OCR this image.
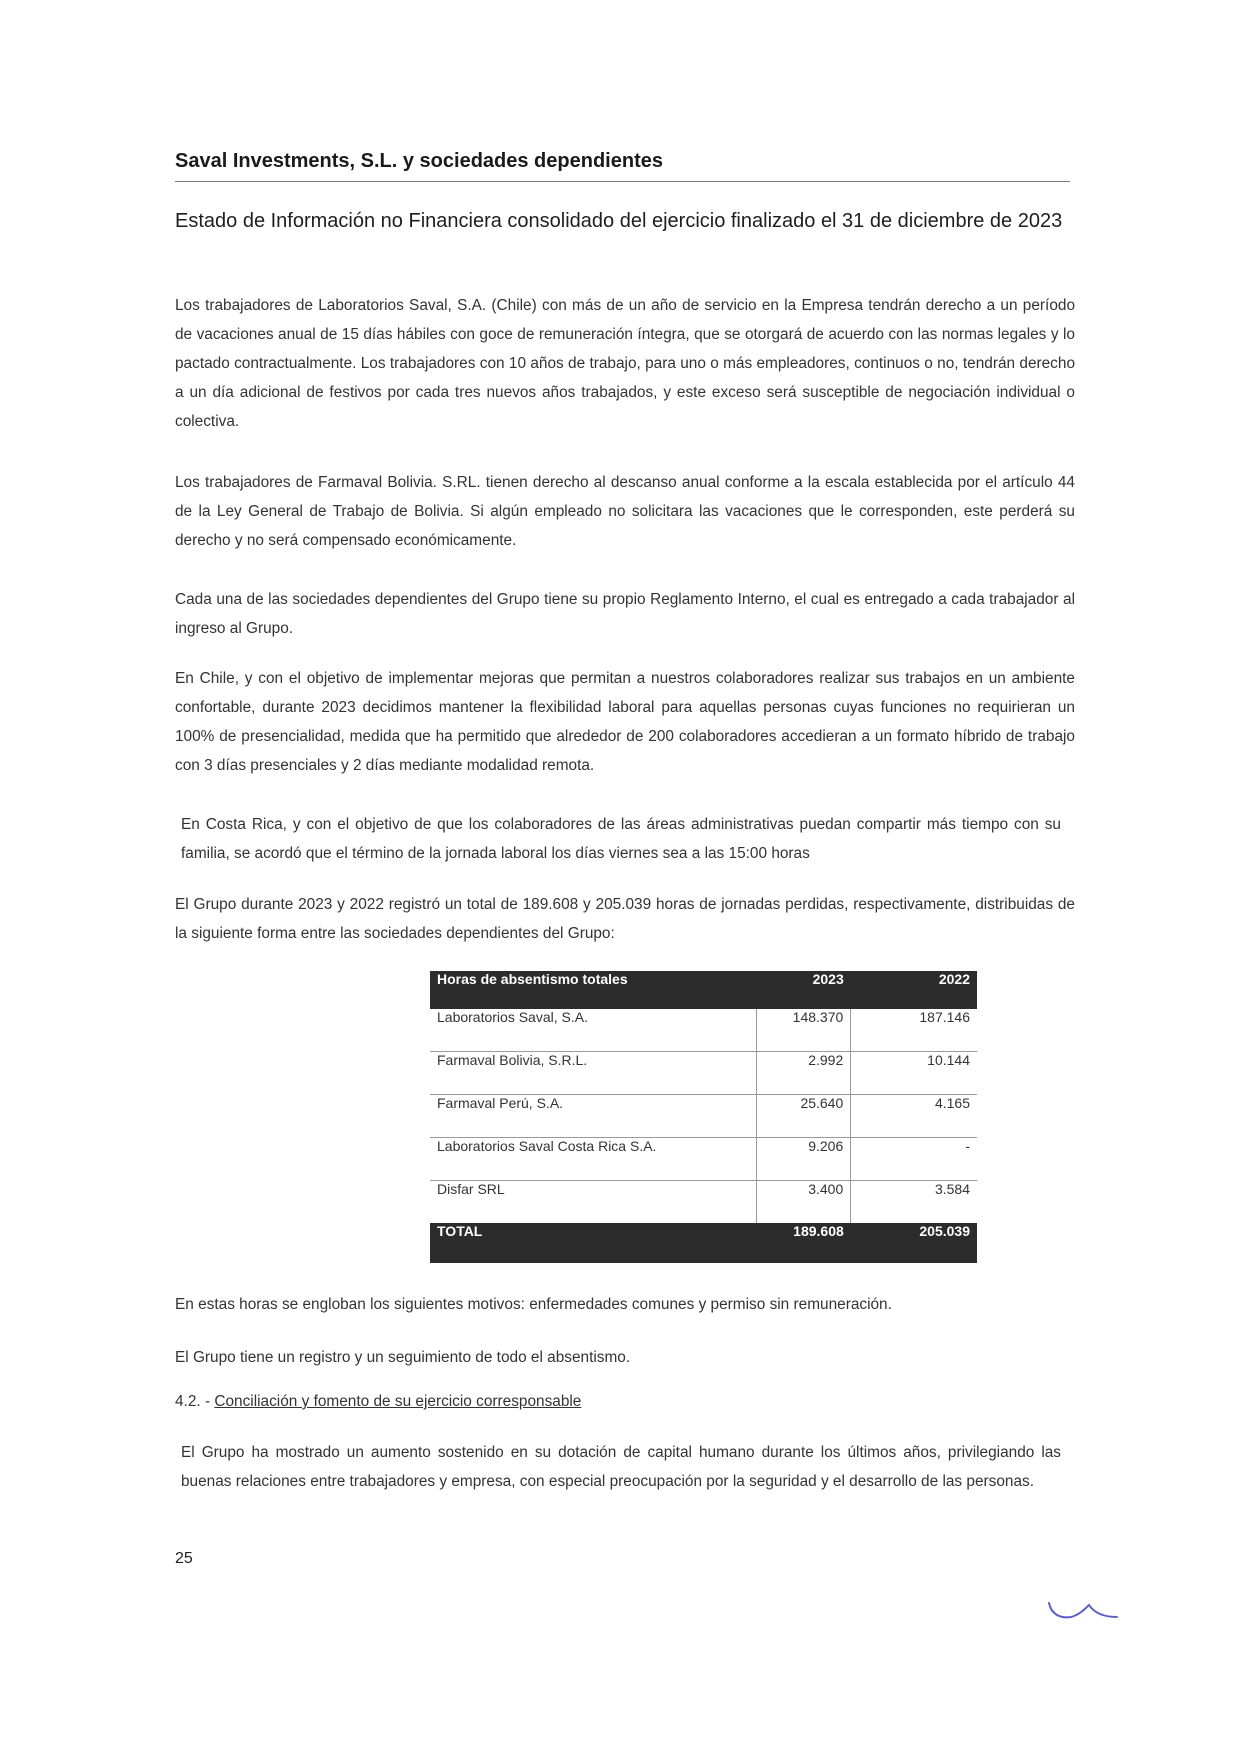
Saval Investments, S.L. y sociedades dependientes
Estado de Información no Financiera consolidado del ejercicio finalizado el 31 de diciembre de 2023

Los trabajadores de Laboratorios Saval, S.A. (Chile) con más de un año de servicio en la Empresa tendrán derecho a un período de vacaciones anual de 15 días hábiles con goce de remuneración íntegra, que se otorgará de acuerdo con las normas legales y lo pactado contractualmente. Los trabajadores con 10 años de trabajo, para uno o más empleadores, continuos o no, tendrán derecho a un día adicional de festivos por cada tres nuevos años trabajados, y este exceso será susceptible de negociación individual o colectiva.

Los trabajadores de Farmaval Bolivia. S.RL. tienen derecho al descanso anual conforme a la escala establecida por el artículo 44 de la Ley General de Trabajo de Bolivia. Si algún empleado no solicitara las vacaciones que le corresponden, este perderá su derecho y no será compensado económicamente.

Cada una de las sociedades dependientes del Grupo tiene su propio Reglamento Interno, el cual es entregado a cada trabajador al ingreso al Grupo.

En Chile, y con el objetivo de implementar mejoras que permitan a nuestros colaboradores realizar sus trabajos en un ambiente confortable, durante 2023 decidimos mantener la flexibilidad laboral para aquellas personas cuyas funciones no requirieran un 100% de presencialidad, medida que ha permitido que alrededor de 200 colaboradores accedieran a un formato híbrido de trabajo con 3 días presenciales y 2 días mediante modalidad remota.

En Costa Rica, y con el objetivo de que los colaboradores de las áreas administrativas puedan compartir más tiempo con su familia, se acordó que el término de la jornada laboral los días viernes sea a las 15:00 horas

El Grupo durante 2023 y 2022 registró un total de 189.608 y 205.039 horas de jornadas perdidas, respectivamente, distribuidas de la siguiente forma entre las sociedades dependientes del Grupo:

Horas de absentismo totales	2023	2022
Laboratorios Saval, S.A.	148.370	187.146
Farmaval Bolivia, S.R.L.	2.992	10.144
Farmaval Perú, S.A.	25.640	4.165
Laboratorios Saval Costa Rica S.A.	9.206	-
Disfar SRL	3.400	3.584
TOTAL	189.608	205.039

En estas horas se engloban los siguientes motivos: enfermedades comunes y permiso sin remuneración.

El Grupo tiene un registro y un seguimiento de todo el absentismo.

4.2. - Conciliación y fomento de su ejercicio corresponsable

El Grupo ha mostrado un aumento sostenido en su dotación de capital humano durante los últimos años, privilegiando las buenas relaciones entre trabajadores y empresa, con especial preocupación por la seguridad y el desarrollo de las personas.

25
